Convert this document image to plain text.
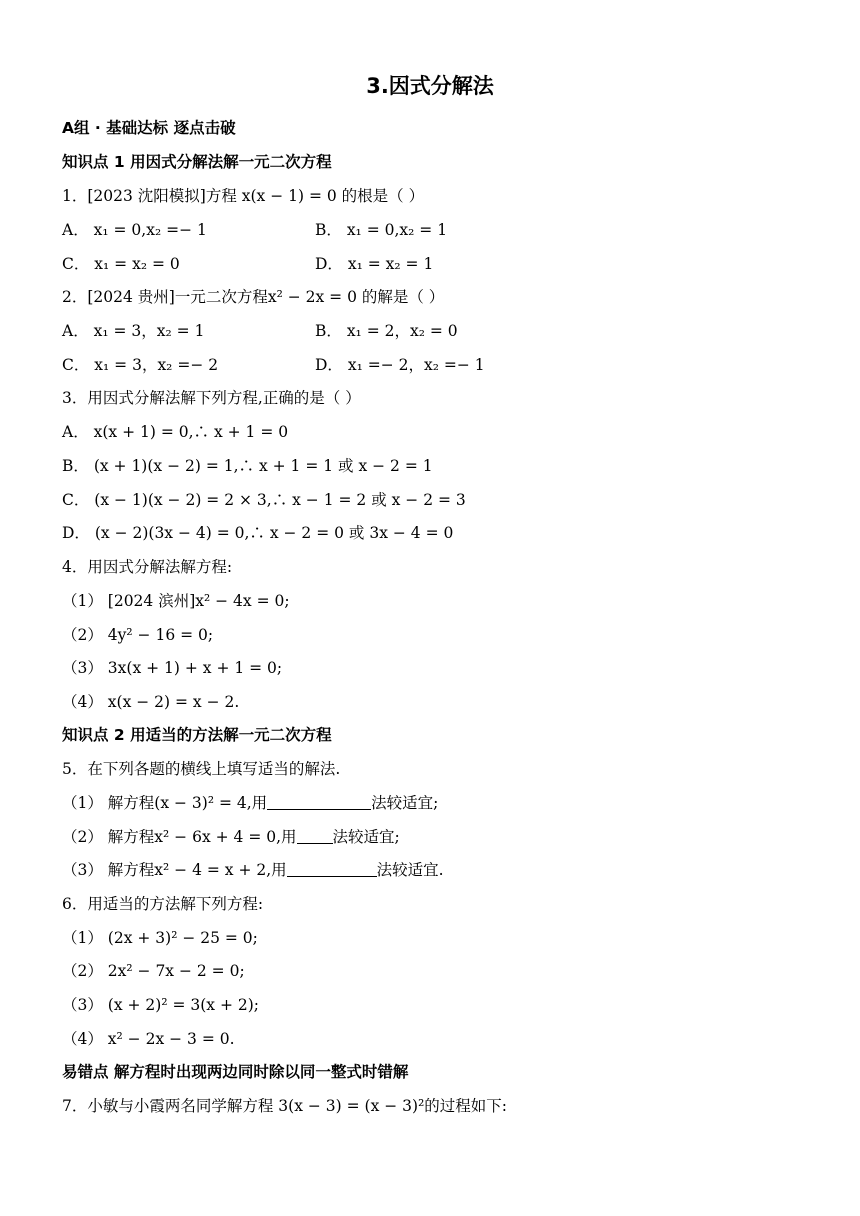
3.因式分解法
A组 · 基础达标 逐点击破
知识点 1 用因式分解法解一元二次方程
1．[2023 沈阳模拟]方程 x(x − 1) = 0 的根是（ ）
A． x₁ = 0,x₂ =− 1	B． x₁ = 0,x₂ = 1
C． x₁ = x₂ = 0	D． x₁ = x₂ = 1
2．[2024 贵州]一元二次方程x² − 2x = 0 的解是（ ）
A． x₁ = 3，x₂ = 1	B． x₁ = 2，x₂ = 0
C． x₁ = 3，x₂ =− 2	D． x₁ =− 2，x₂ =− 1
3．用因式分解法解下列方程,正确的是（ ）
A． x(x + 1) = 0,∴ x + 1 = 0
B． (x + 1)(x − 2) = 1,∴ x + 1 = 1 或 x − 2 = 1
C． (x − 1)(x − 2) = 2 × 3,∴ x − 1 = 2 或 x − 2 = 3
D． (x − 2)(3x − 4) = 0,∴ x − 2 = 0 或 3x − 4 = 0
4．用因式分解法解方程:
（1） [2024 滨州]x² − 4x = 0;
（2） 4y² − 16 = 0;
（3） 3x(x + 1) + x + 1 = 0;
（4） x(x − 2) = x − 2.
知识点 2 用适当的方法解一元二次方程
5．在下列各题的横线上填写适当的解法.
（1） 解方程(x − 3)² = 4,用	法较适宜;
（2） 解方程x² − 6x + 4 = 0,用 法较适宜;
（3） 解方程x² − 4 = x + 2,用	法较适宜.
6．用适当的方法解下列方程:
（1） (2x + 3)² − 25 = 0;
（2） 2x² − 7x − 2 = 0;
（3） (x + 2)² = 3(x + 2);
（4） x² − 2x − 3 = 0.
易错点 解方程时出现两边同时除以同一整式时错解
7．小敏与小霞两名同学解方程 3(x − 3) = (x − 3)²的过程如下:
